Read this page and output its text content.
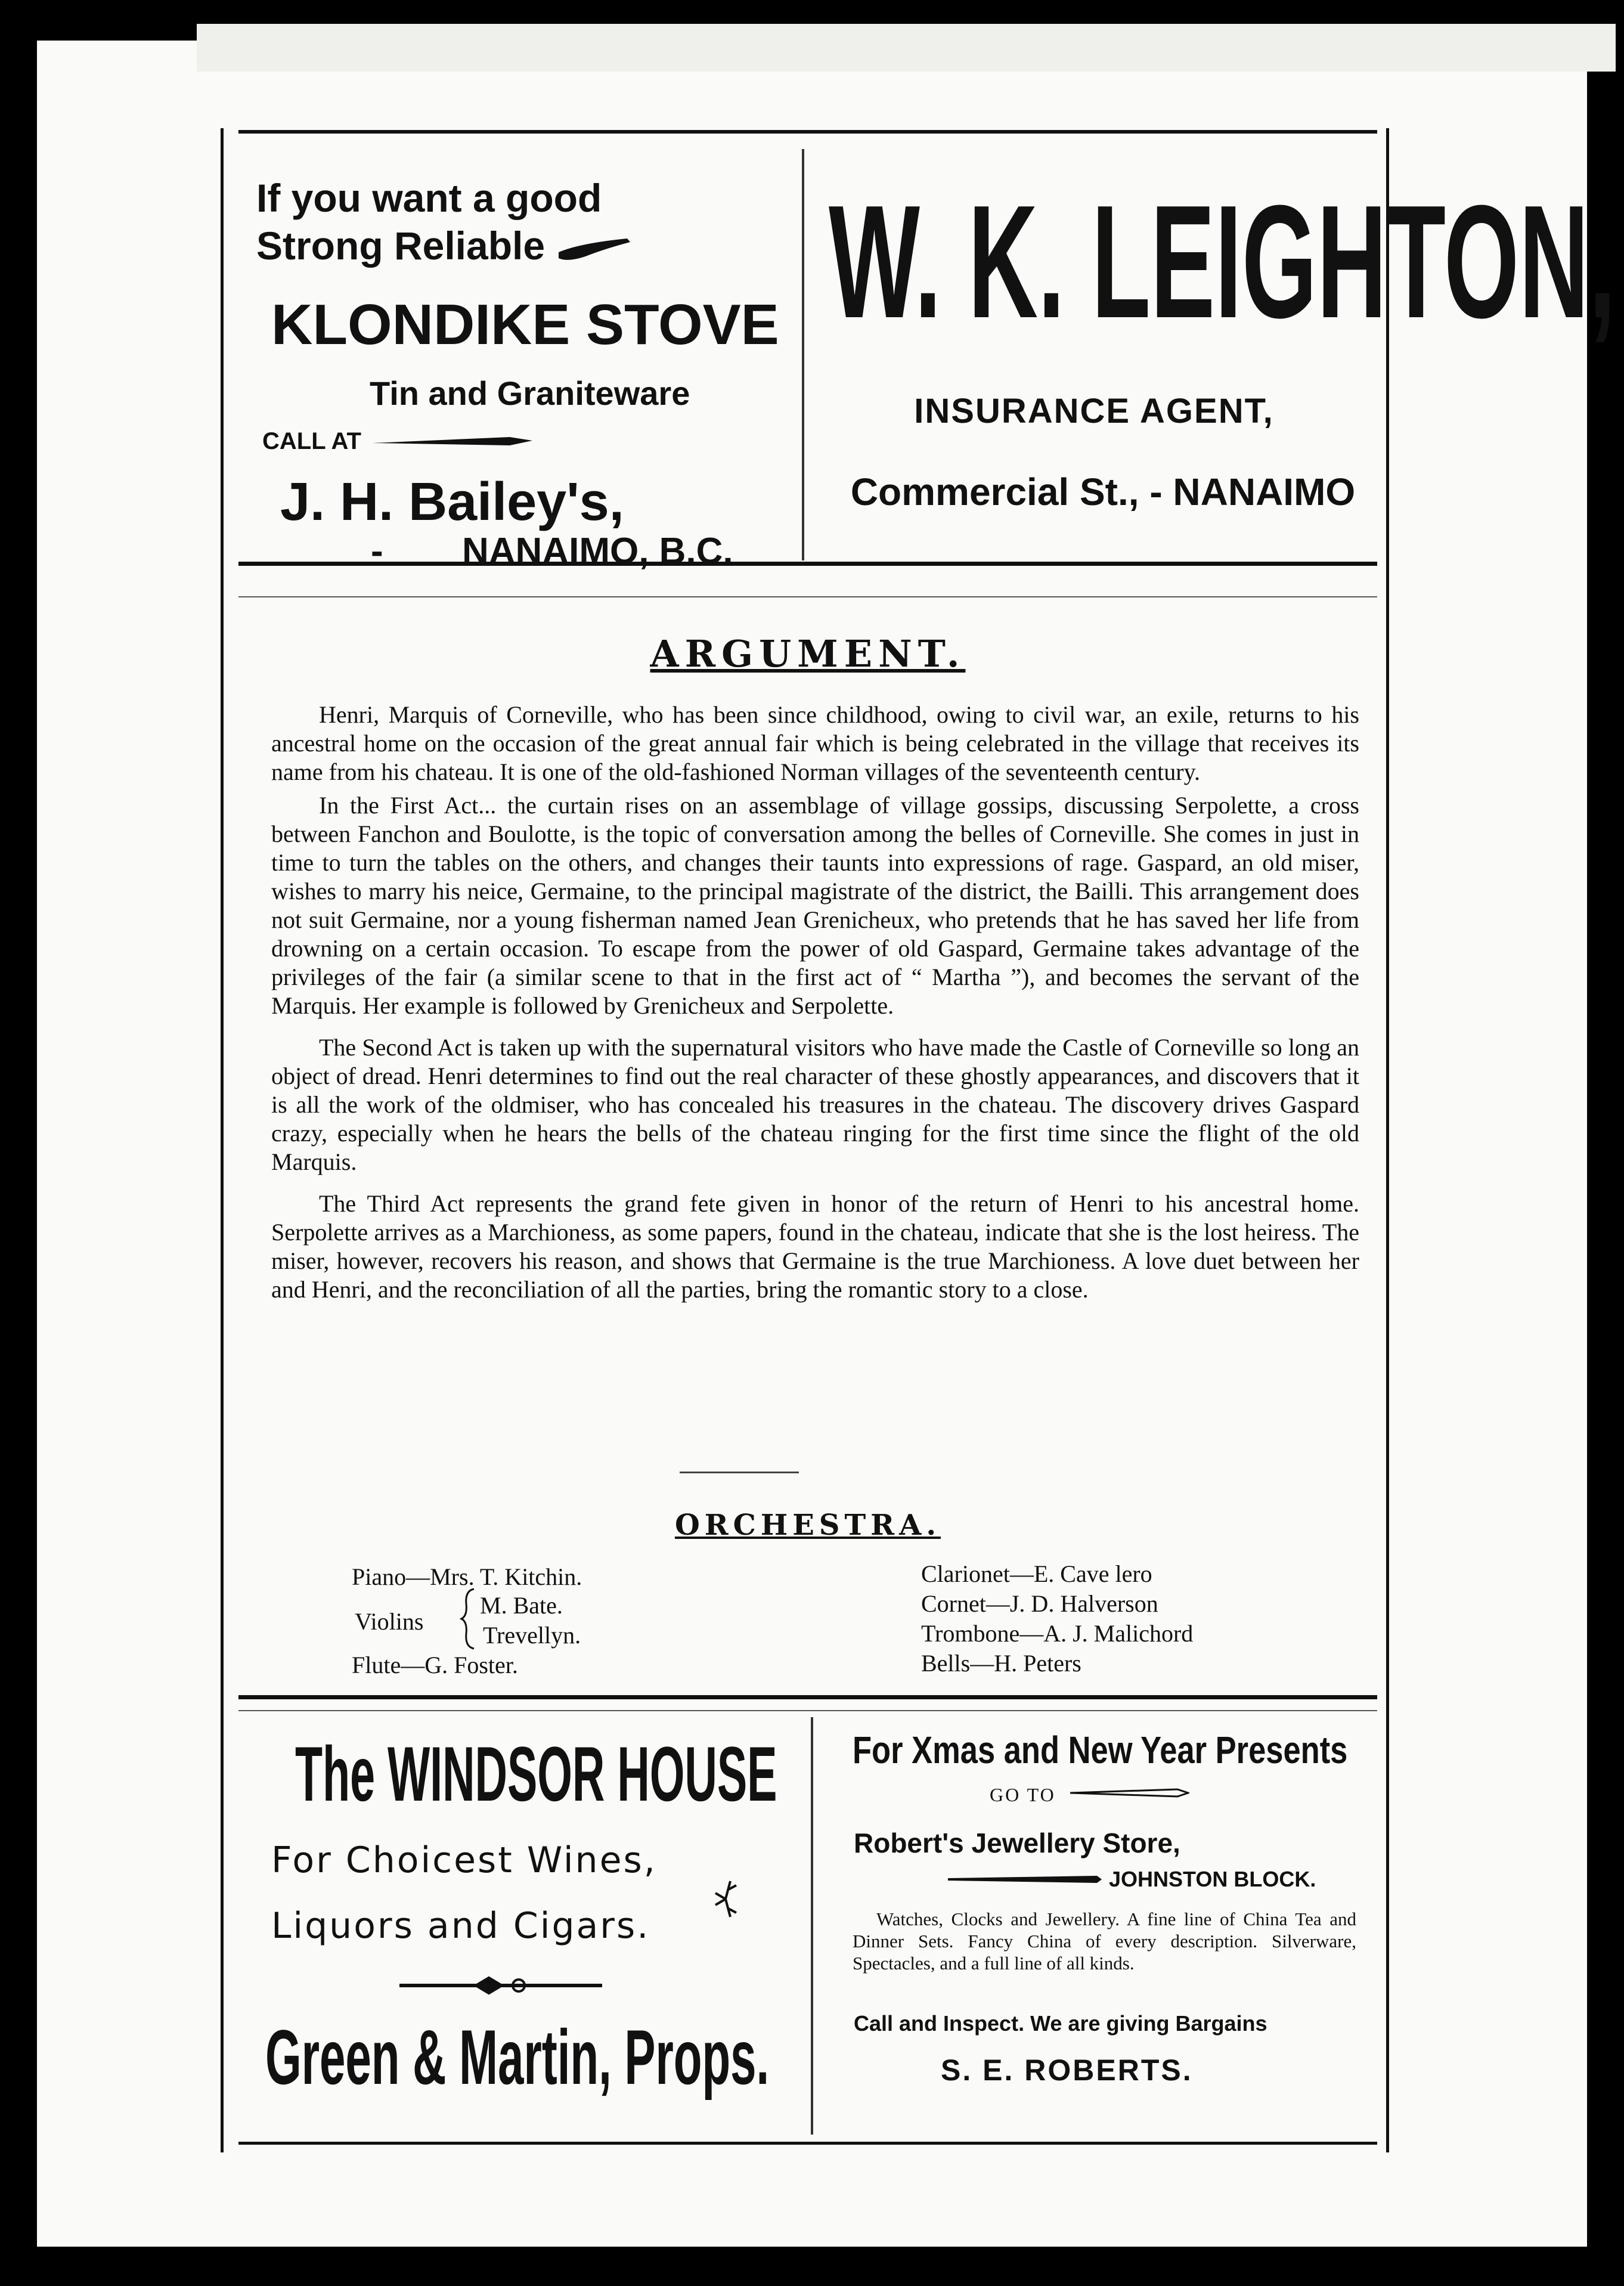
If you want a good
Strong Reliable
KLONDIKE STOVE
Tin and Graniteware
CALL AT
J. H. Bailey's,
- NANAIMO, B.C.
W. K. LEIGHTON,
INSURANCE AGENT,
Commercial St., - NANAIMO
ARGUMENT.

Henri, Marquis of Corneville, who has been since childhood, owing to civil war, an exile, returns to his ancestral home on the occasion of the great annual fair which is being celebrated in the village that receives its name from his chateau. It is one of the old-fashioned Norman villages of the seventeenth century.

In the First Act... the curtain rises on an assemblage of village gossips, discussing Serpolette, a cross between Fanchon and Boulotte, is the topic of conversation among the belles of Corneville. She comes in just in time to turn the tables on the others, and changes their taunts into expressions of rage. Gaspard, an old miser, wishes to marry his neice, Germaine, to the principal magistrate of the district, the Bailli. This arrangement does not suit Germaine, nor a young fisherman named Jean Grenicheux, who pretends that he has saved her life from drowning on a certain occasion. To escape from the power of old Gaspard, Germaine takes advantage of the privileges of the fair (a similar scene to that in the first act of “ Martha ”), and becomes the servant of the Marquis. Her example is followed by Grenicheux and Serpolette.

The Second Act is taken up with the supernatural visitors who have made the Castle of Corneville so long an object of dread. Henri determines to find out the real character of these ghostly appearances, and discovers that it is all the work of the oldmiser, who has concealed his treasures in the chateau. The discovery drives Gaspard crazy, especially when he hears the bells of the chateau ringing for the first time since the flight of the old Marquis.

The Third Act represents the grand fete given in honor of the return of Henri to his ancestral home. Serpolette arrives as a Marchioness, as some papers, found in the chateau, indicate that she is the lost heiress. The miser, however, recovers his reason, and shows that Germaine is the true Marchioness. A love duet between her and Henri, and the reconciliation of all the parties, bring the romantic story to a close.

ORCHESTRA.
Piano—Mrs. T. Kitchin.
Violins
M. Bate.
Trevellyn.
Flute—G. Foster.
Clarionet—E. Cave lero
Cornet—J. D. Halverson
Trombone—A. J. Malichord
Bells—H. Peters
The WINDSOR HOUSE
For Choicest Wines,
Liquors and Cigars.
Green & Martin, Props.
For Xmas and New Year Presents
GO TO
Robert's Jewellery Store,
JOHNSTON BLOCK.
Watches, Clocks and Jewellery. A fine line of China Tea and Dinner Sets. Fancy China of every description. Silverware, Spectacles, and a full line of all kinds.
Call and Inspect. We are giving Bargains
S. E. ROBERTS.
